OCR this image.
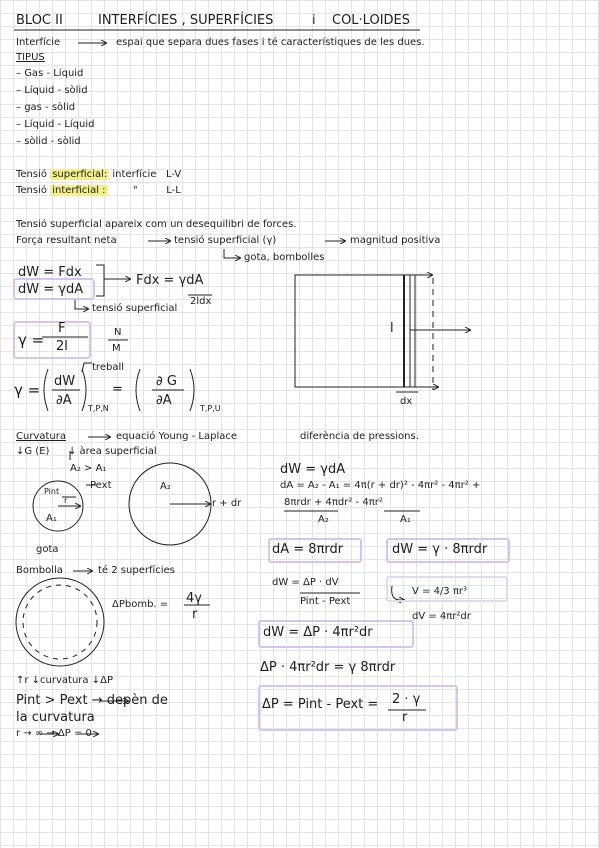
BLOC II	INTERFÍCIES , SUPERFÍCIES	i COL·LOIDES
Interfície	espai que separa dues fases i té característiques de les dues.
TIPUS
– Gas - Líquid
– Líquid - sòlid
– gas - sòlid
– Líquid - Líquid
– sòlid - sòlid
Tensió superficial: interfície L-V
Tensió interficial :	"	L-L
Tensió superficial apareix com un desequilibri de forces.
Força resultant neta	tensió superficial (γ)	magnitud positiva
gota, bombolles
dW = Fdx
dW = γdA
Fdx = γdA
2ldx
tensió superficial
γ =
F
2l
N
M
γ = dW
∂A
treball
T,P,N
=
∂ G
∂A
T,P,U
l
dx
Curvatura	equació Young - Laplace	diferència de pressions.
↓G (E) ↓ àrea superficial
A₂ > A₁
Pint
Pext
r
A₁
A₂
r + dr
gota
Bombolla	té 2 superfícies
ΔPbomb. = 4γ
r
↑r ↓curvatura ↓ΔP
Pint > Pext → depèn de
la curvatura
r → ∞ → ΔP = 0
dW = γdA
dA = A₂ - A₁ = 4π(r + dr)² - 4πr² - 4πr² +
8πrdr + 4πdr² - 4πr²
A₂	A₁
dA = 8πrdr	dW = γ · 8πrdr
dW = ΔP · dV
Pint - Pext
V = 4/3 πr³
dV = 4πr²dr
dW = ΔP · 4πr²dr
ΔP · 4πr²dr = γ 8πrdr
ΔP = Pint - Pext = 2 · γ
r
